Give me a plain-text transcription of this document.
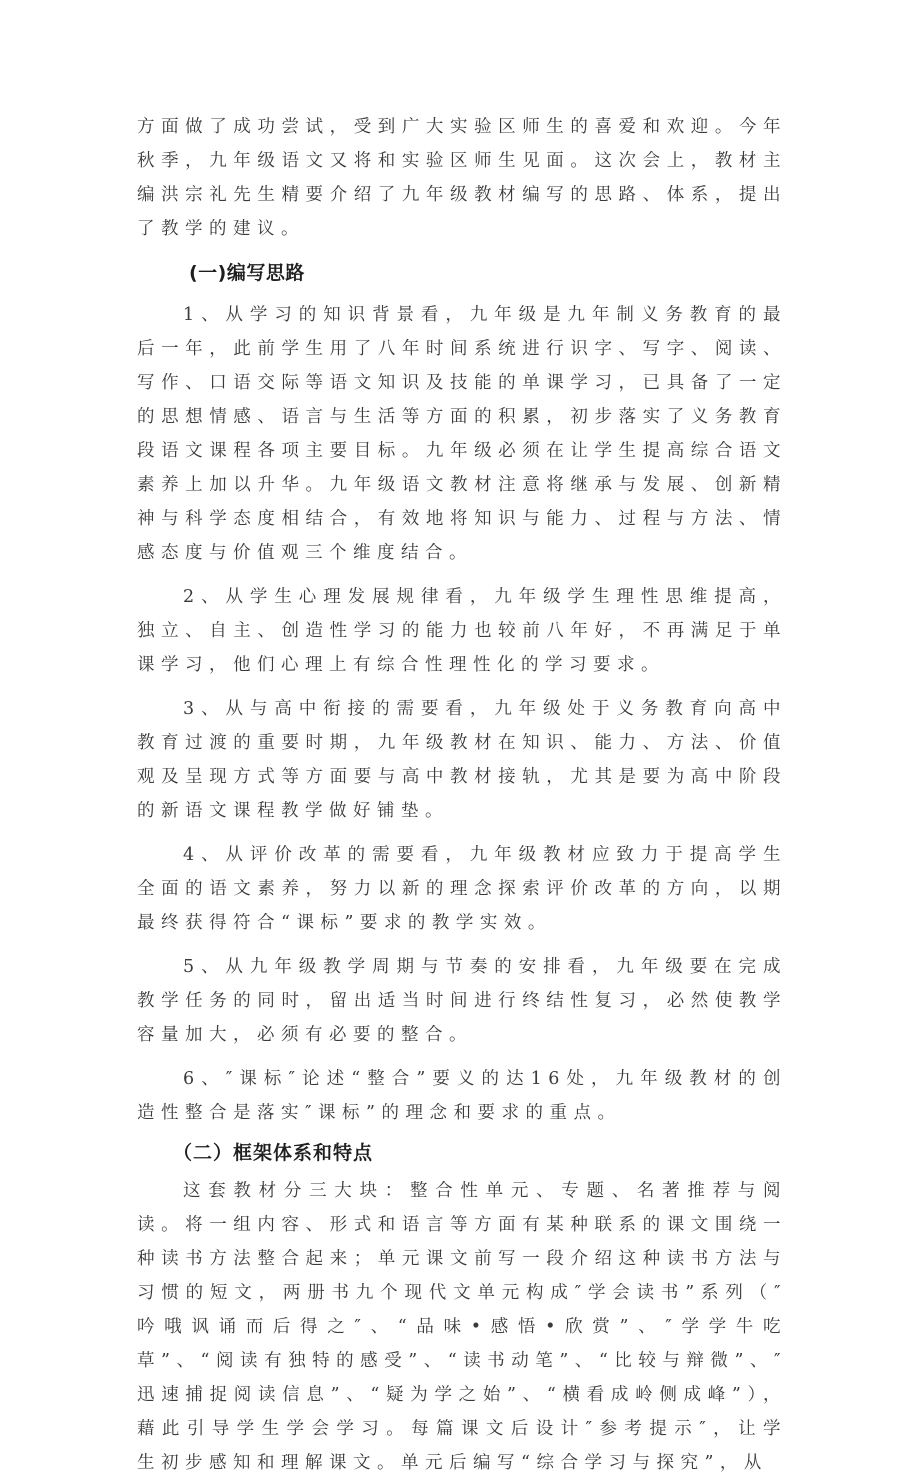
方面做了成功尝试，受到广大实验区师生的喜爱和欢迎。今年秋季，九年级语文又将和实验区师生见面。这次会上，教材主编洪宗礼先生精要介绍了九年级教材编写的思路、体系，提出了教学的建议。

(一)编写思路

1、从学习的知识背景看，九年级是九年制义务教育的最后一年，此前学生用了八年时间系统进行识字、写字、阅读、写作、口语交际等语文知识及技能的单课学习，已具备了一定的思想情感、语言与生活等方面的积累，初步落实了义务教育段语文课程各项主要目标。九年级必须在让学生提高综合语文素养上加以升华。九年级语文教材注意将继承与发展、创新精神与科学态度相结合，有效地将知识与能力、过程与方法、情感态度与价值观三个维度结合。

2、从学生心理发展规律看，九年级学生理性思维提高，独立、自主、创造性学习的能力也较前八年好，不再满足于单课学习，他们心理上有综合性理性化的学习要求。

3、从与高中衔接的需要看，九年级处于义务教育向高中教育过渡的重要时期，九年级教材在知识、能力、方法、价值观及呈现方式等方面要与高中教材接轨，尤其是要为高中阶段的新语文课程教学做好铺垫。

4、从评价改革的需要看，九年级教材应致力于提高学生全面的语文素养，努力以新的理念探索评价改革的方向，以期最终获得符合“课标”要求的教学实效。

5、从九年级教学周期与节奏的安排看，九年级要在完成教学任务的同时，留出适当时间进行终结性复习，必然使教学容量加大，必须有必要的整合。

6、″课标″论述“整合”要义的达16处，九年级教材的创造性整合是落实″课标”的理念和要求的重点。

（二）框架体系和特点

这套教材分三大块：整合性单元、专题、名著推荐与阅读。将一组内容、形式和语言等方面有某种联系的课文围绕一种读书方法整合起来；单元课文前写一段介绍这种读书方法与习惯的短文，两册书九个现代文单元构成″学会读书”系列（″吟哦讽诵而后得之″、“品味•感悟•欣赏”、″学学牛吃草”、“阅读有独特的感受”、“读书动笔”、“比较与辩微”、″迅速捕捉阅读信息”、“疑为学之始”、“横看成岭侧成峰”），藉此引导学生学会学习。每篇课文后设计″参考提示″，让学生初步感知和理解课文。单元后编写“综合学习与探究”，从
